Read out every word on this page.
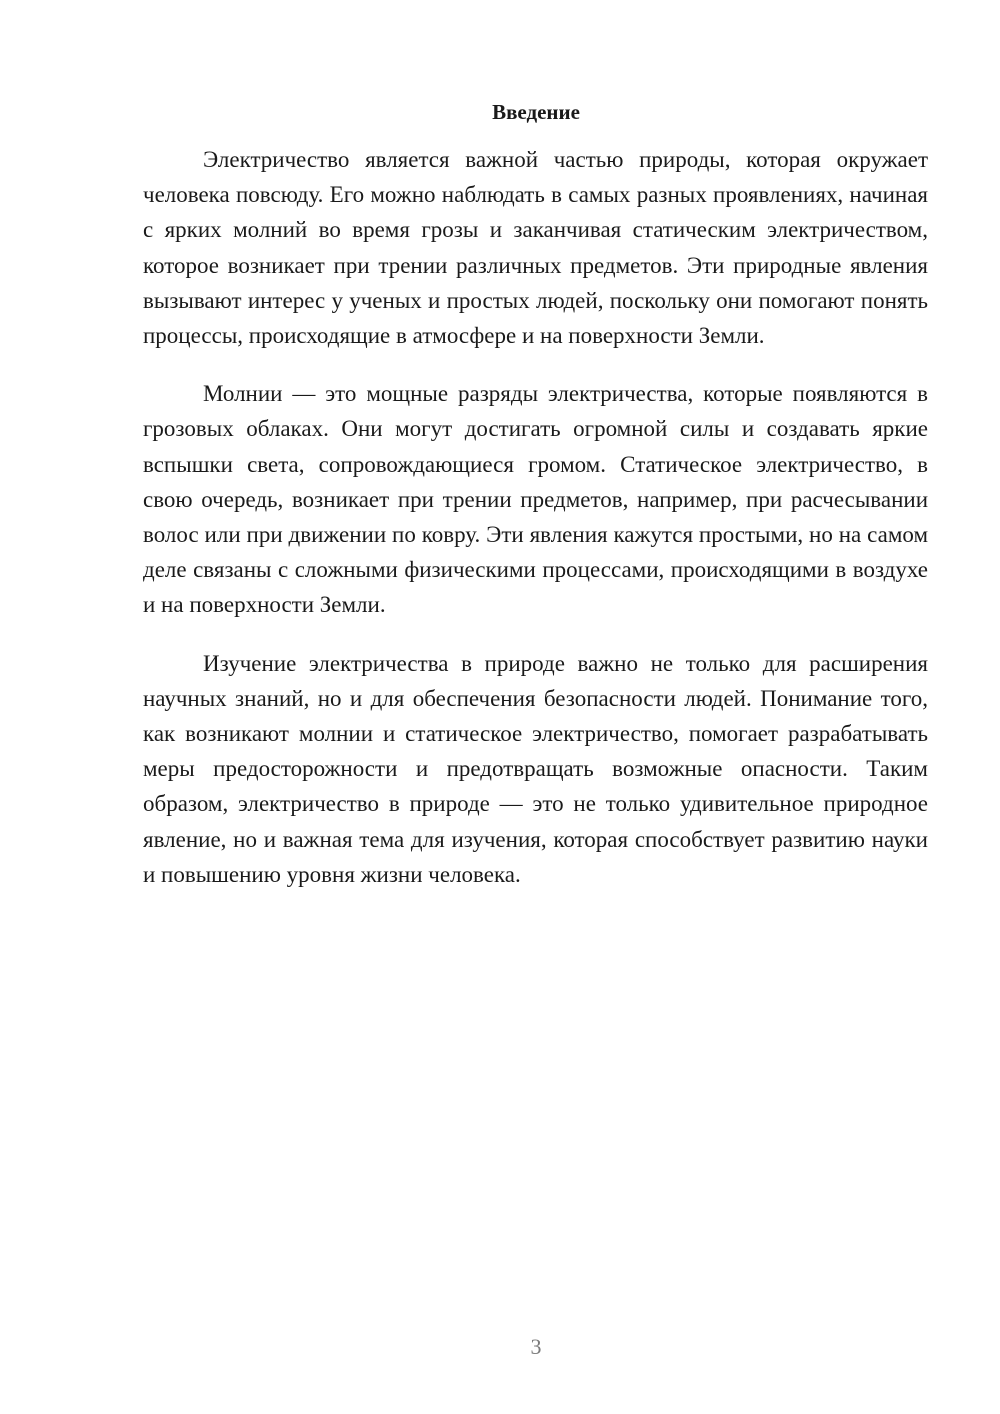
Введение

Электричество является важной частью природы, которая окружает человека повсюду. Его можно наблюдать в самых разных проявлениях, начиная с ярких молний во время грозы и заканчивая статическим электричеством, которое возникает при трении различных предметов. Эти природные явления вызывают интерес у ученых и простых людей, поскольку они помогают понять процессы, происходящие в атмосфере и на поверхности Земли.

Молнии — это мощные разряды электричества, которые появляются в грозовых облаках. Они могут достигать огромной силы и создавать яркие вспышки света, сопровождающиеся громом. Статическое электричество, в свою очередь, возникает при трении предметов, например, при расчесывании волос или при движении по ковру. Эти явления кажутся простыми, но на самом деле связаны с сложными физическими процессами, происходящими в воздухе и на поверхности Земли.

Изучение электричества в природе важно не только для расширения научных знаний, но и для обеспечения безопасности людей. Понимание того, как возникают молнии и статическое электричество, помогает разрабатывать меры предосторожности и предотвращать возможные опасности. Таким образом, электричество в природе — это не только удивительное природное явление, но и важная тема для изучения, которая способствует развитию науки и повышению уровня жизни человека.

3
